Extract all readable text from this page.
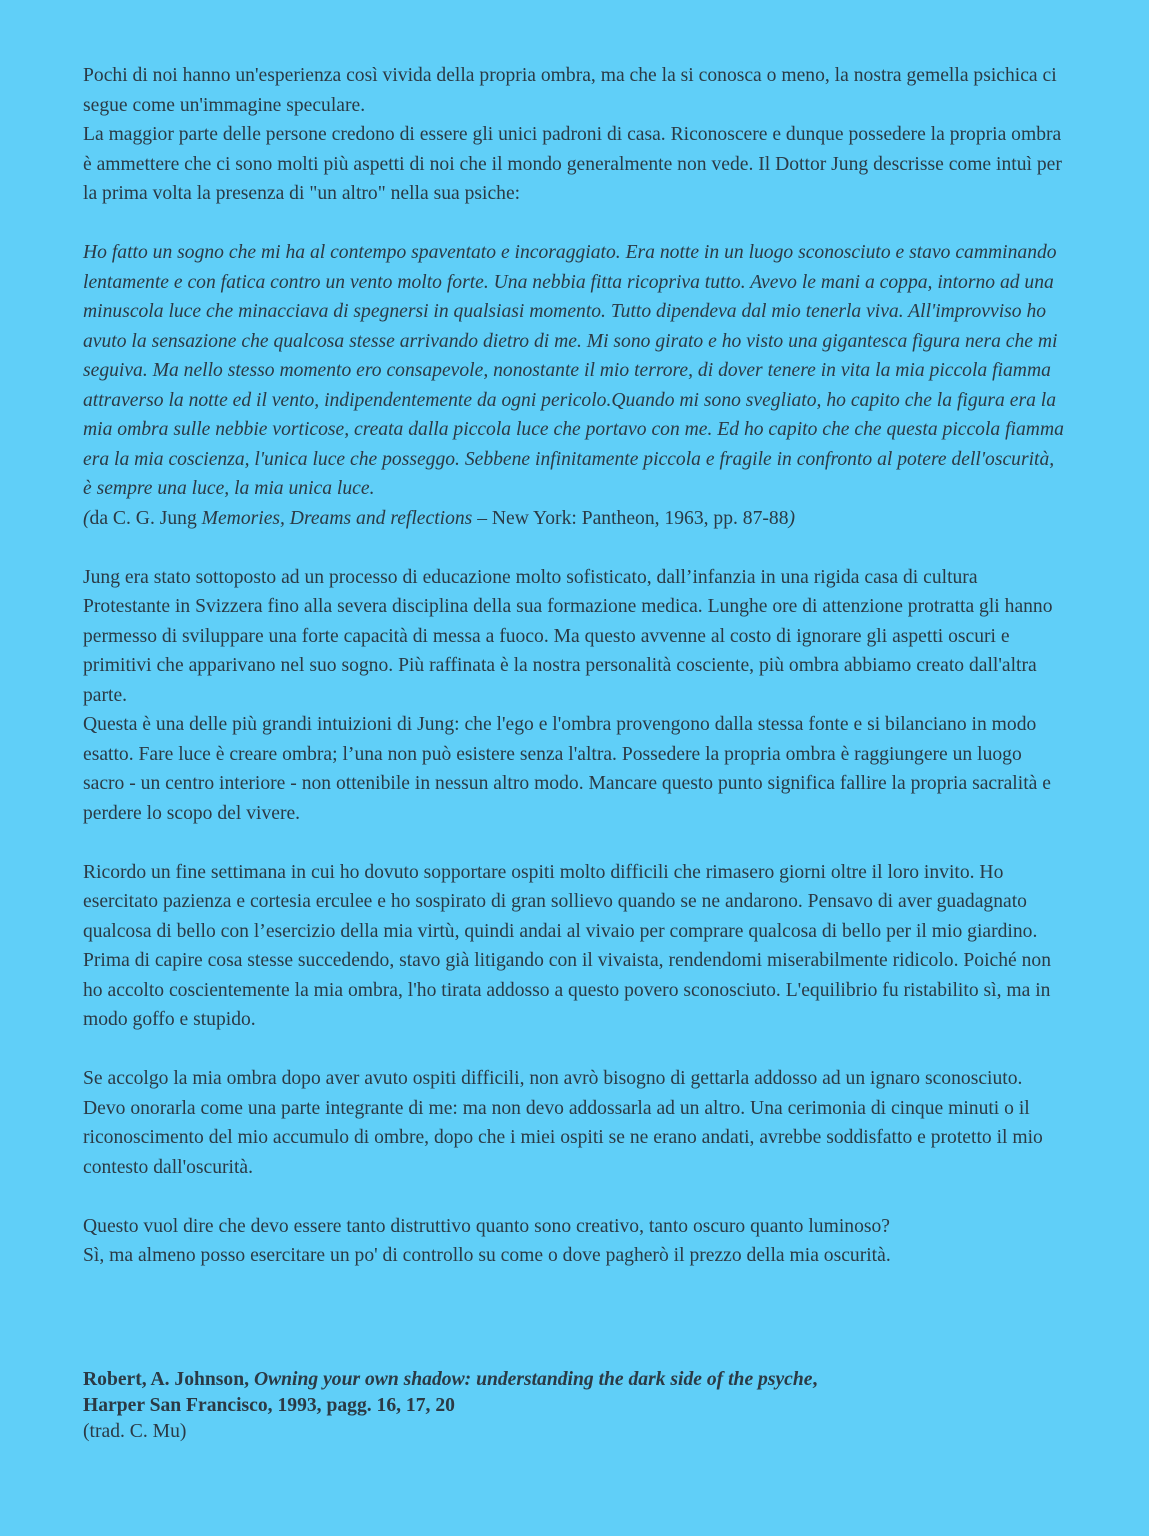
Pochi di noi hanno un'esperienza così vivida della propria ombra, ma che la si conosca o meno, la nostra gemella psichica ci segue come un'immagine speculare.

La maggior parte delle persone credono di essere gli unici padroni di casa. Riconoscere e dunque possedere la propria ombra è ammettere che ci sono molti più aspetti di noi che il mondo generalmente non vede. Il Dottor Jung descrisse come intuì per la prima volta la presenza di "un altro" nella sua psiche:

Ho fatto un sogno che mi ha al contempo spaventato e incoraggiato. Era notte in un luogo sconosciuto e stavo camminando lentamente e con fatica contro un vento molto forte. Una nebbia fitta ricopriva tutto. Avevo le mani a coppa, intorno ad una minuscola luce che minacciava di spegnersi in qualsiasi momento. Tutto dipendeva dal mio tenerla viva. All'improvviso ho avuto la sensazione che qualcosa stesse arrivando dietro di me. Mi sono girato e ho visto una gigantesca figura nera che mi seguiva. Ma nello stesso momento ero consapevole, nonostante il mio terrore, di dover tenere in vita la mia piccola fiamma attraverso la notte ed il vento, indipendentemente da ogni pericolo.Quando mi sono svegliato, ho capito che la figura era la mia ombra sulle nebbie vorticose, creata dalla piccola luce che portavo con me. Ed ho capito che che questa piccola fiamma era la mia coscienza, l'unica luce che posseggo. Sebbene infinitamente piccola e fragile in confronto al potere dell'oscurità, è sempre una luce, la mia unica luce.

(da C. G. Jung Memories, Dreams and reflections – New York: Pantheon, 1963, pp. 87-88)

Jung era stato sottoposto ad un processo di educazione molto sofisticato, dall’infanzia in una rigida casa di cultura Protestante in Svizzera fino alla severa disciplina della sua formazione medica. Lunghe ore di attenzione protratta gli hanno permesso di sviluppare una forte capacità di messa a fuoco. Ma questo avvenne al costo di ignorare gli aspetti oscuri e primitivi che apparivano nel suo sogno. Più raffinata è la nostra personalità cosciente, più ombra abbiamo creato dall'altra parte.

Questa è una delle più grandi intuizioni di Jung: che l'ego e l'ombra provengono dalla stessa fonte e si bilanciano in modo esatto. Fare luce è creare ombra; l’una non può esistere senza l'altra. Possedere la propria ombra è raggiungere un luogo sacro - un centro interiore - non ottenibile in nessun altro modo. Mancare questo punto significa fallire la propria sacralità e perdere lo scopo del vivere.

Ricordo un fine settimana in cui ho dovuto sopportare ospiti molto difficili che rimasero giorni oltre il loro invito. Ho esercitato pazienza e cortesia erculee e ho sospirato di gran sollievo quando se ne andarono. Pensavo di aver guadagnato qualcosa di bello con l’esercizio della mia virtù, quindi andai al vivaio per comprare qualcosa di bello per il mio giardino. Prima di capire cosa stesse succedendo, stavo già litigando con il vivaista, rendendomi miserabilmente ridicolo. Poiché non ho accolto coscientemente la mia ombra, l'ho tirata addosso a questo povero sconosciuto. L'equilibrio fu ristabilito sì, ma in modo goffo e stupido.

Se accolgo la mia ombra dopo aver avuto ospiti difficili, non avrò bisogno di gettarla addosso ad un ignaro sconosciuto. Devo onorarla come una parte integrante di me: ma non devo addossarla ad un altro. Una cerimonia di cinque minuti o il riconoscimento del mio accumulo di ombre, dopo che i miei ospiti se ne erano andati, avrebbe soddisfatto e protetto il mio contesto dall'oscurità.

Questo vuol dire che devo essere tanto distruttivo quanto sono creativo, tanto oscuro quanto luminoso?

Sì, ma almeno posso esercitare un po' di controllo su come o dove pagherò il prezzo della mia oscurità.

Robert, A. Johnson, Owning your own shadow: understanding the dark side of the psyche,
Harper San Francisco, 1993, pagg. 16, 17, 20
(trad. C. Mu)
